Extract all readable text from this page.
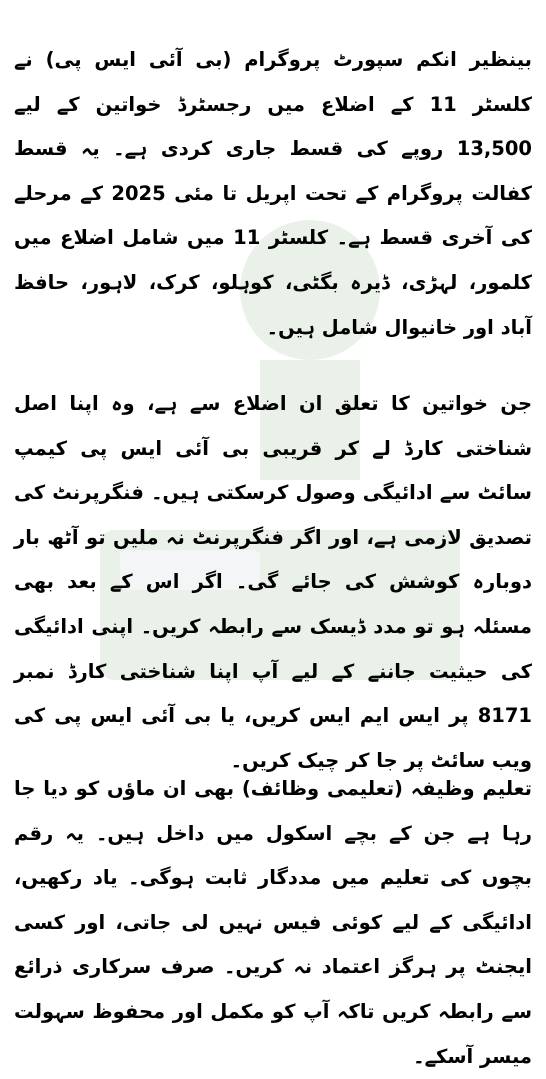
بینظیر انکم سپورٹ پروگرام (بی آئی ایس پی) نے کلسٹر 11 کے اضلاع میں رجسٹرڈ خواتین کے لیے 13,500 روپے کی قسط جاری کردی ہے۔ یہ قسط کفالت پروگرام کے تحت اپریل تا مئی 2025 کے مرحلے کی آخری قسط ہے۔ کلسٹر 11 میں شامل اضلاع میں کلمور، لہڑی، ڈیرہ بگٹی، کوہلو، کرک، لاہور، حافظ آباد اور خانیوال شامل ہیں۔

جن خواتین کا تعلق ان اضلاع سے ہے، وہ اپنا اصل شناختی کارڈ لے کر قریبی بی آئی ایس پی کیمپ سائٹ سے ادائیگی وصول کرسکتی ہیں۔ فنگرپرنٹ کی تصدیق لازمی ہے، اور اگر فنگرپرنٹ نہ ملیں تو آٹھ بار دوبارہ کوشش کی جائے گی۔ اگر اس کے بعد بھی مسئلہ ہو تو مدد ڈیسک سے رابطہ کریں۔ اپنی ادائیگی کی حیثیت جاننے کے لیے آپ اپنا شناختی کارڈ نمبر 8171 پر ایس ایم ایس کریں، یا بی آئی ایس پی کی ویب سائٹ پر جا کر چیک کریں۔

تعلیم وظیفہ (تعلیمی وظائف) بھی ان ماؤں کو دیا جا رہا ہے جن کے بچے اسکول میں داخل ہیں۔ یہ رقم بچوں کی تعلیم میں مددگار ثابت ہوگی۔ یاد رکھیں، ادائیگی کے لیے کوئی فیس نہیں لی جاتی، اور کسی ایجنٹ پر ہرگز اعتماد نہ کریں۔ صرف سرکاری ذرائع سے رابطہ کریں تاکہ آپ کو مکمل اور محفوظ سہولت میسر آسکے۔
